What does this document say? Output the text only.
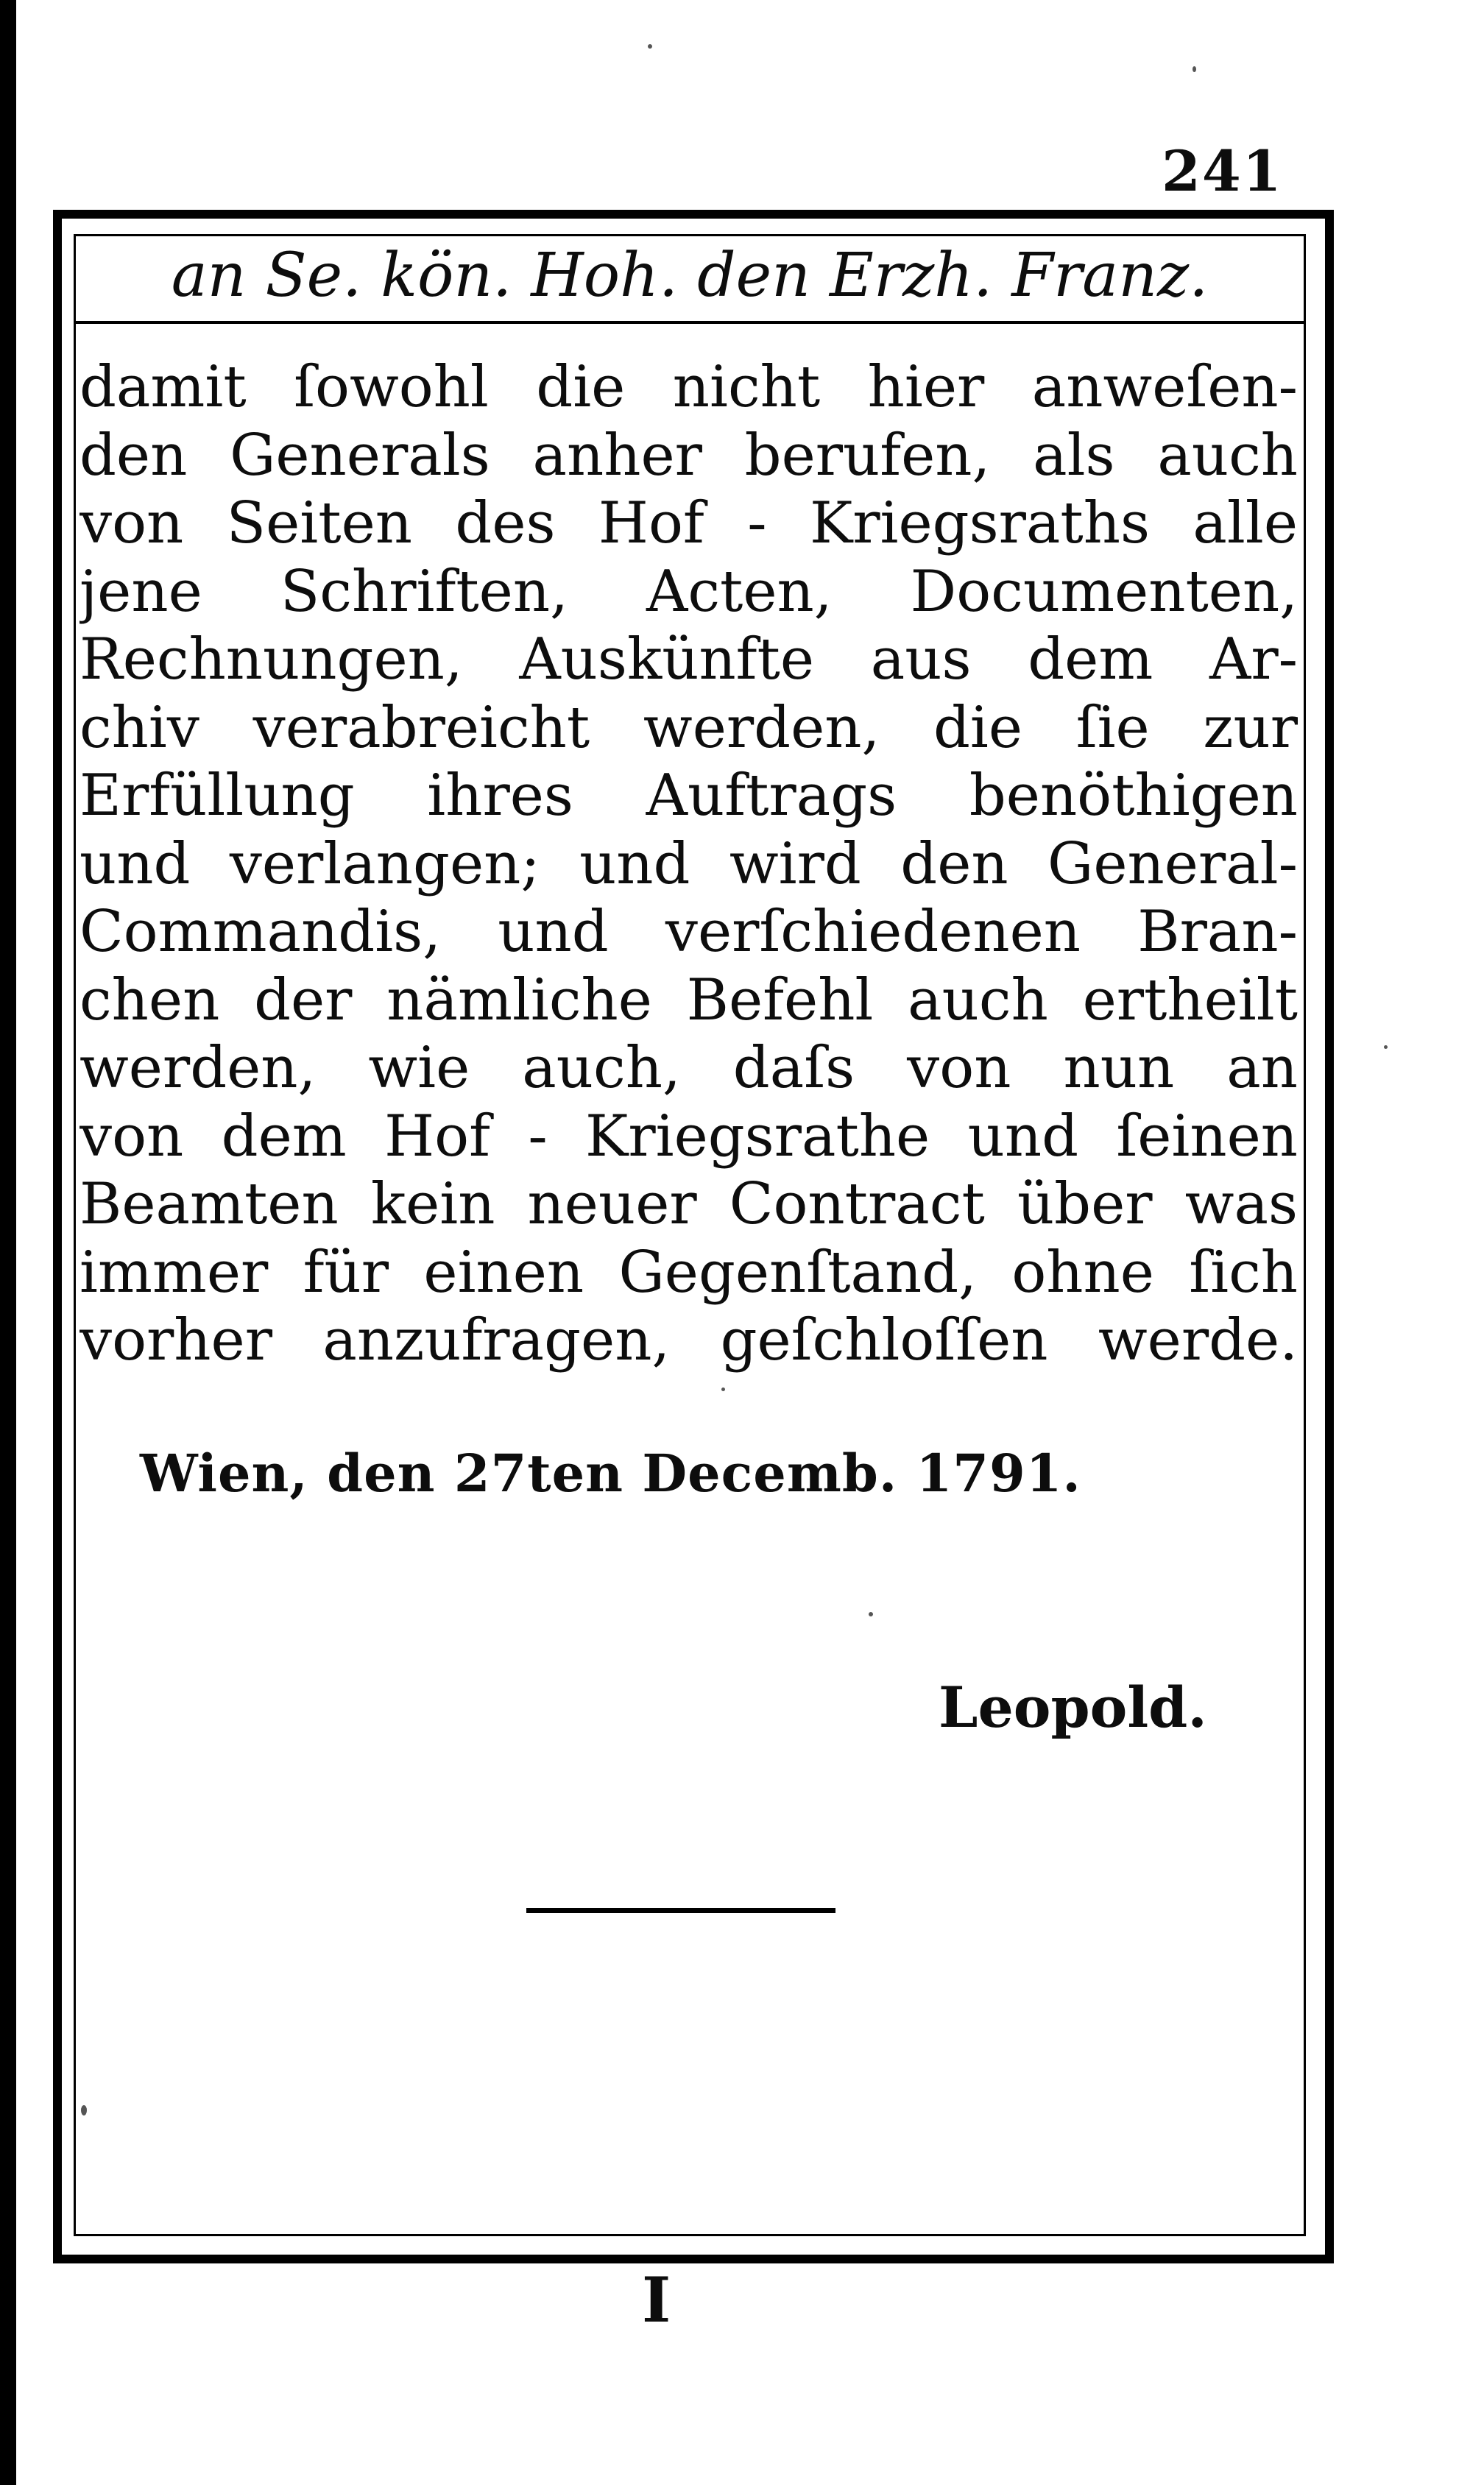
241
an Se. kön. Hoh. den Erzh. Franz.
damit ſowohl die nicht hier anweſen-
den Generals anher berufen, als auch
von Seiten des Hof - Kriegsraths alle
jene Schriften, Acten, Documenten,
Rechnungen, Auskünfte aus dem Ar-
chiv verabreicht werden, die ſie zur
Erfüllung ihres Auftrags benöthigen
und verlangen; und wird den General-
Commandis, und verſchiedenen Bran-
chen der nämliche Befehl auch ertheilt
werden, wie auch, daſs von nun an
von dem Hof - Kriegsrathe und ſeinen
Beamten kein neuer Contract über was
immer für einen Gegenſtand, ohne ſich
vorher anzufragen, geſchloſſen werde.
Wien, den 27ten Decemb. 1791.
Leopold.
I
